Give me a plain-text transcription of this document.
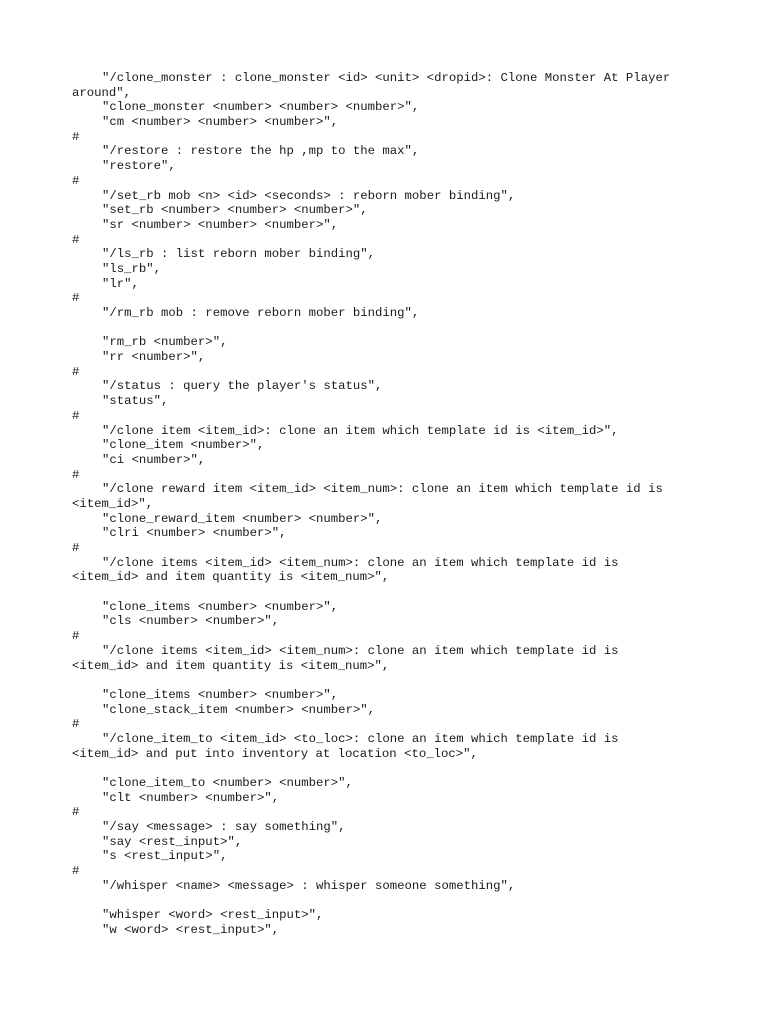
"/clone_monster : clone_monster <id> <unit> <dropid>: Clone Monster At Player
around",
"clone_monster <number> <number> <number>",
"cm <number> <number> <number>",
#
"/restore : restore the hp ,mp to the max",
"restore",
#
"/set_rb mob <n> <id> <seconds> : reborn mober binding",
"set_rb <number> <number> <number>",
"sr <number> <number> <number>",
#
"/ls_rb : list reborn mober binding",
"ls_rb",
"lr",
#
"/rm_rb mob : remove reborn mober binding",
"rm_rb <number>",
"rr <number>",
#
"/status : query the player's status",
"status",
#
"/clone item <item_id>: clone an item which template id is <item_id>",
"clone_item <number>",
"ci <number>",
#
"/clone reward item <item_id> <item_num>: clone an item which template id is
<item_id>",
"clone_reward_item <number> <number>",
"clri <number> <number>",
#
"/clone items <item_id> <item_num>: clone an item which template id is
<item_id> and item quantity is <item_num>",
"clone_items <number> <number>",
"cls <number> <number>",
#
"/clone items <item_id> <item_num>: clone an item which template id is
<item_id> and item quantity is <item_num>",
"clone_items <number> <number>",
"clone_stack_item <number> <number>",
#
"/clone_item_to <item_id> <to_loc>: clone an item which template id is
<item_id> and put into inventory at location <to_loc>",
"clone_item_to <number> <number>",
"clt <number> <number>",
#
"/say <message> : say something",
"say <rest_input>",
"s <rest_input>",
#
"/whisper <name> <message> : whisper someone something",
"whisper <word> <rest_input>",
"w <word> <rest_input>",
